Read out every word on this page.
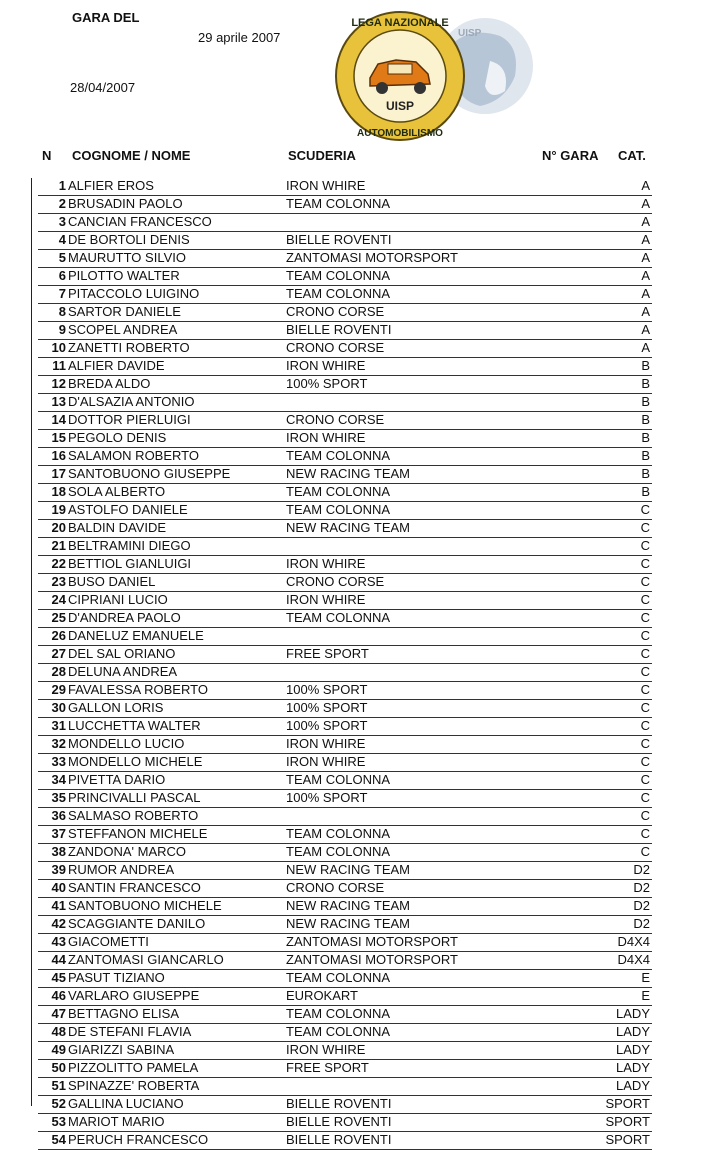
GARA DEL
29 aprile 2007
28/04/2007
UISP
UISP
LEGA NAZIONALE
AUTOMOBILISMO
N COGNOME / NOME	SCUDERIA	N° GARA CAT.
1 ALFIER EROS	IRON WHIRE	A
2 BRUSADIN PAOLO	TEAM COLONNA	A
3 CANCIAN FRANCESCO	A
4 DE BORTOLI DENIS	BIELLE ROVENTI	A
5 MAURUTTO SILVIO	ZANTOMASI MOTORSPORT	A
6 PILOTTO WALTER	TEAM COLONNA	A
7 PITACCOLO LUIGINO	TEAM COLONNA	A
8 SARTOR DANIELE	CRONO CORSE	A
9 SCOPEL ANDREA	BIELLE ROVENTI	A
10 ZANETTI ROBERTO	CRONO CORSE	A
11 ALFIER DAVIDE	IRON WHIRE	B
12 BREDA ALDO	100% SPORT	B
13 D'ALSAZIA ANTONIO	B
14 DOTTOR PIERLUIGI	CRONO CORSE	B
15 PEGOLO DENIS	IRON WHIRE	B
16 SALAMON ROBERTO	TEAM COLONNA	B
17 SANTOBUONO GIUSEPPE	NEW RACING TEAM	B
18 SOLA ALBERTO	TEAM COLONNA	B
19 ASTOLFO DANIELE	TEAM COLONNA	C
20 BALDIN DAVIDE	NEW RACING TEAM	C
21 BELTRAMINI DIEGO	C
22 BETTIOL GIANLUIGI	IRON WHIRE	C
23 BUSO DANIEL	CRONO CORSE	C
24 CIPRIANI LUCIO	IRON WHIRE	C
25 D'ANDREA PAOLO	TEAM COLONNA	C
26 DANELUZ EMANUELE	C
27 DEL SAL ORIANO	FREE SPORT	C
28 DELUNA ANDREA	C
29 FAVALESSA ROBERTO	100% SPORT	C
30 GALLON LORIS	100% SPORT	C
31 LUCCHETTA WALTER	100% SPORT	C
32 MONDELLO LUCIO	IRON WHIRE	C
33 MONDELLO MICHELE	IRON WHIRE	C
34 PIVETTA DARIO	TEAM COLONNA	C
35 PRINCIVALLI PASCAL	100% SPORT	C
36 SALMASO ROBERTO	C
37 STEFFANON MICHELE	TEAM COLONNA	C
38 ZANDONA' MARCO	TEAM COLONNA	C
39 RUMOR ANDREA	NEW RACING TEAM	D2
40 SANTIN FRANCESCO	CRONO CORSE	D2
41 SANTOBUONO MICHELE	NEW RACING TEAM	D2
42 SCAGGIANTE DANILO	NEW RACING TEAM	D2
43 GIACOMETTI	ZANTOMASI MOTORSPORT	D4X4
44 ZANTOMASI GIANCARLO	ZANTOMASI MOTORSPORT	D4X4
45 PASUT TIZIANO	TEAM COLONNA	E
46 VARLARO GIUSEPPE	EUROKART	E
47 BETTAGNO ELISA	TEAM COLONNA	LADY
48 DE STEFANI FLAVIA	TEAM COLONNA	LADY
49 GIARIZZI SABINA	IRON WHIRE	LADY
50 PIZZOLITTO PAMELA	FREE SPORT	LADY
51 SPINAZZE' ROBERTA	LADY
52 GALLINA LUCIANO	BIELLE ROVENTI	SPORT
53 MARIOT MARIO	BIELLE ROVENTI	SPORT
54 PERUCH FRANCESCO	BIELLE ROVENTI	SPORT
